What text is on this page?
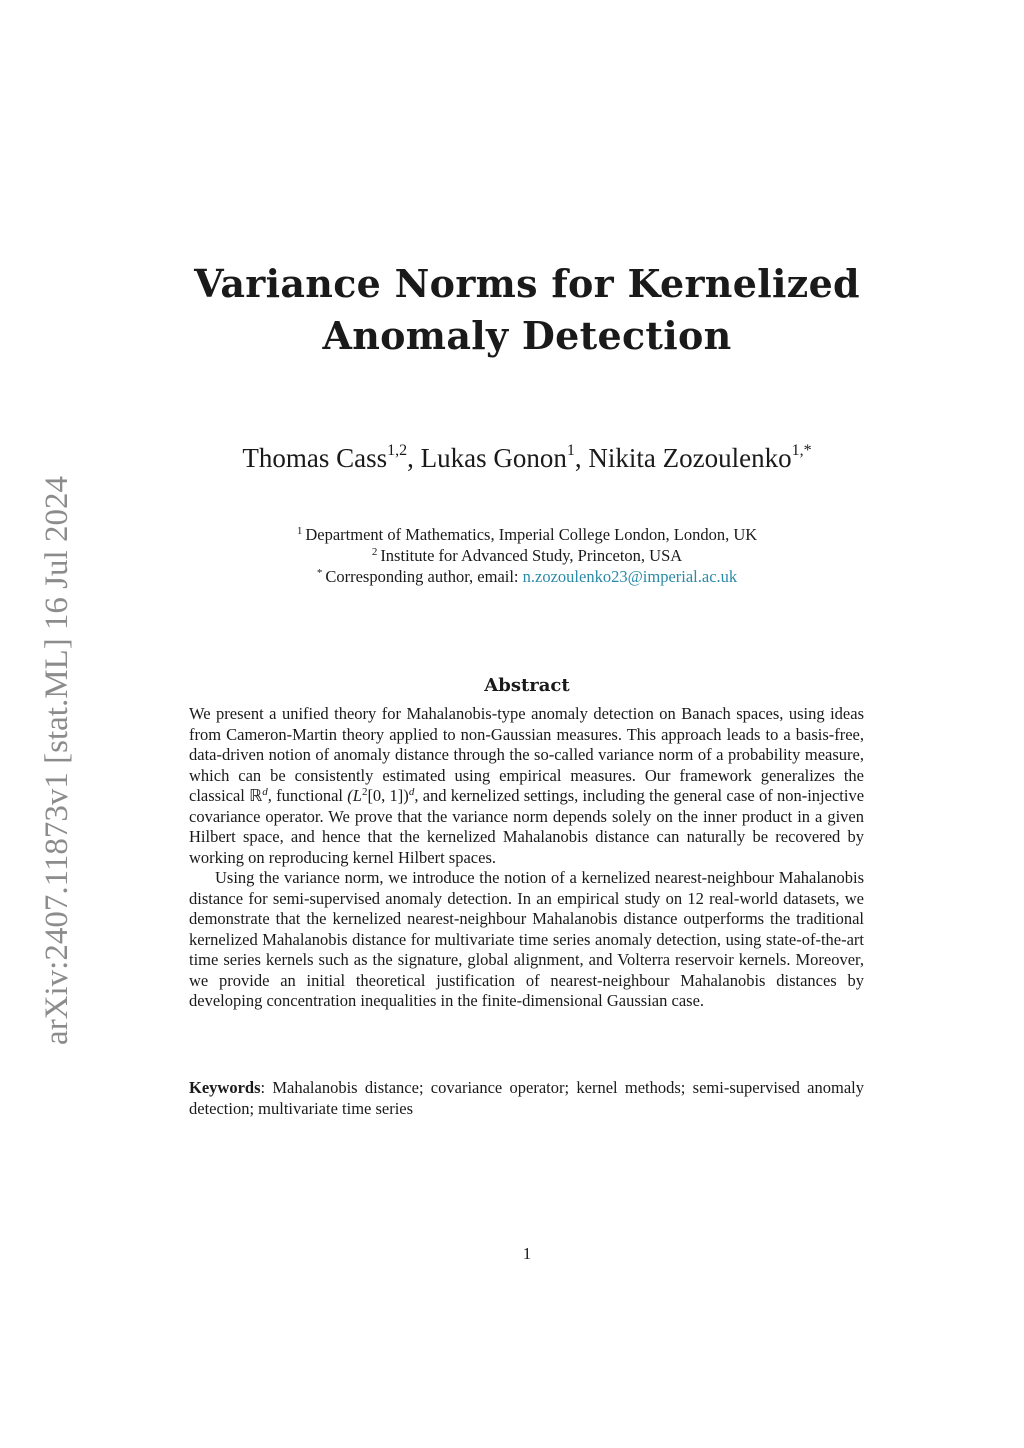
arXiv:2407.11873v1 [stat.ML] 16 Jul 2024
Variance Norms for Kernelized
Anomaly Detection
Thomas Cass$^{1,2}$, Lukas Gonon$^1$, Nikita Zozoulenko$^{1,*}$
$^1$ Department of Mathematics, Imperial College London, London, UK
$^2$ Institute for Advanced Study, Princeton, USA
* Corresponding author, email: n.zozoulenko23@imperial.ac.uk
Abstract

We present a unified theory for Mahalanobis-type anomaly detection on Banach spaces, using ideas from Cameron-Martin theory applied to non-Gaussian measures. This approach leads to a basis-free, data-driven notion of anomaly distance through the so-called variance norm of a probability measure, which can be consistently estimated using empirical measures. Our framework generalizes the classical ℝ$^d$, functional ($L^2[0$, 1])$^d$, and kernelized settings, including the general case of non-injective covariance operator. We prove that the variance norm depends solely on the inner product in a given Hilbert space, and hence that the kernelized Mahalanobis distance can naturally be recovered by working on reproducing kernel Hilbert spaces.

Using the variance norm, we introduce the notion of a kernelized nearest-neighbour Mahalanobis distance for semi-supervised anomaly detection. In an empirical study on 12 real-world datasets, we demonstrate that the kernelized nearest-neighbour Mahalanobis distance outperforms the traditional kernelized Mahalanobis distance for multivariate time series anomaly detection, using state-of-the-art time series kernels such as the signature, global alignment, and Volterra reservoir kernels. Moreover, we provide an initial theoretical justification of nearest-neighbour Mahalanobis distances by developing concentration inequalities in the finite-dimensional Gaussian case.

Keywords: Mahalanobis distance; covariance operator; kernel methods; semi-supervised anomaly detection; multivariate time series
1
